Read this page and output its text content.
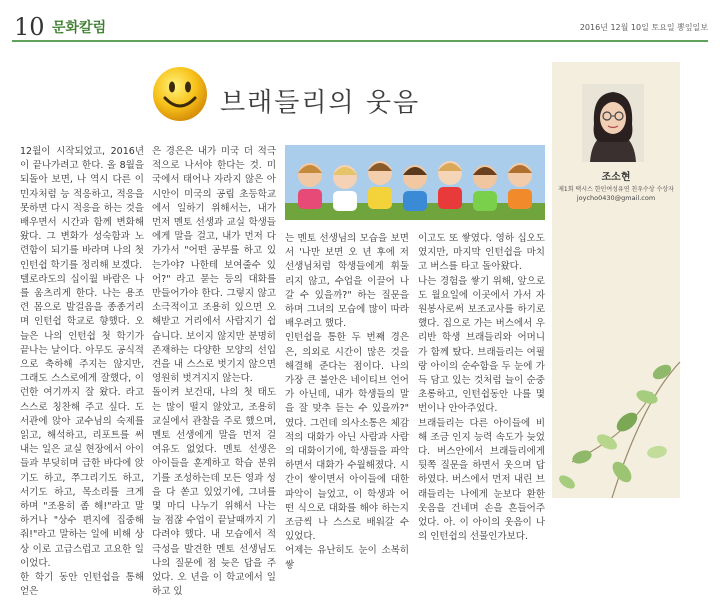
10 문화칼럼	2016년 12월 10일 토요일 뽕잎일보
브래들리의 웃음

12월이 시작되었고, 2016년이 끝나가려고 한다. 올 8월을 되돌아 보면, 나 역시 다른 이민자처럼 능 적응하고, 적응을 못하면 다시 적응을 하는 것을 배우면서 시간과 함께 변화해왔다. 그 변화가 성숙함과 노련함이 되기를 바라며 나의 첫 인턴쉽 학기를 정리해 보겠다.

텔로라도의 십이월 바람은 나를 움츠리게 한다. 나는 용조련 몸으로 발걸음을 종종거리며 인턴쉽 학교로 향했다. 오늘은 나의 인턴쉽 첫 학기가 끝나는 날이다. 아무도 공식적으로 축하해 주지는 않지만, 그래도 스스로에게 잘했다, 이런한 여기까지 잘 왔다. 라고 스스로 칭찬해 주고 싶다. 도서관에 앉아 교수님의 숙제를 읽고, 해석하고, 리포트를 써 내는 일은 교실 현장에서 아이들과 부딪히며 급한 바다에 앉기도 하고, 쭈그리기도 하고, 서기도 하고, 목소리를 크게 하며 "조용히 좀 해!"라고 말하거나 "상수 편지에 집중해줘!"라고 말하는 일에 비해 상상 이로 고급스럽고 고요한 일이었다.

한 학기 동안 인턴쉽을 통해 얻은

은 경은은 내가 미국 더 적극적으로 나서야 한다는 것. 미국에서 태어나 자라지 않은 아시안이 미국의 공립 초등학교에서 일하기 위해서는, 내가 먼저 멘토 선생과 교실 학생들에게 말을 걸고, 내가 먼저 다가가서 "어떤 공부를 하고 있는가야? 나한테 보여줄수 있어?" 라고 묻는 등의 대화를 만들어가야 한다. 그렇지 않고 소극적이고 조용히 있으면 오해받고 거리에서 사람지기 쉽습니다. 보이지 않지만 분명히 존재하는 다양한 모양의 선입견을 내 스스로 벗기지 않으면 영원히 벗겨지지 않는다.

돌이켜 보건대, 나의 첫 태도는 많이 떨지 않았고, 조용히 교실에서 관찰을 주로 했으며, 멘토 선생에게 말을 먼저 걸 여유도 없었다. 멘토 선생은 아이들을 훈계하고 학습 분위기를 조성하는데 모든 영과 성을 다 쏟고 있었기에, 그녀를 몇 마디 나누기 위해서 나는 늘 점잖 수업이 끝날때까지 기다려야 했다. 내 모습에서 적극성을 발견한 멘토 선생님도 나의 질문에 점 늦은 답을 주었다. 오 년을 이 학교에서 일하고 있

는 멘토 선생님의 모습을 보면서 '나만 보면 오 년 후에 저 선생님처럼 학생들에게 휘둘리지 않고, 수업을 이끌어 나갈 수 있을까?" 하는 질문을 하며 그녀의 모습에 많이 따라 배우려고 했다.

인턴쉽을 통한 두 번째 경은은, 의외로 시간이 많은 것을 해결해 준다는 점이다. 나의 가장 큰 불안은 네이티브 언어가 아닌데, 내가 학생들의 말을 잘 맞추 듣는 수 있을까?" 였다. 그런데 의사소통은 체감적의 대화가 아닌 사람과 사람의 대화이기에, 학생들을 파악하면서 대화가 수월해졌다. 시간이 쌓이면서 아이들에 대한 파악이 늘었고, 이 학생과 어떤 식으로 대화를 해야 하는지 조금씩 나 스스로 배워갈 수 있었다.

어제는 유난히도 눈이 소복히 쌓

이고도 또 쌓였다. 영하 십오도 였지만, 마지막 인턴쉽을 마치고 버스를 타고 돌아왔다.

나는 경험을 쌓기 위해, 앞으로도 월요일에 이곳에서 가서 자원봉사로써 보조교사를 하기로 했다. 집으로 가는 버스에서 우리반 학생 브래들리와 어머니가 함께 탔다. 브래들리는 여필랑 아이의 순수함을 두 눈에 가득 담고 있는 것처럼 늘이 순중초롱하고, 인턴쉽동안 나를 몇 번이나 안아주었다.

브래들리는 다른 아이들에 비해 조금 인지 능력 속도가 늦었다. 버스안에서 브래들리에게 뒷쪽 질문을 하면서 웃으며 답하였다. 버스에서 먼저 내린 브래들리는 나에게 눈보다 환한 웃음을 건네며 손을 흔들어주었다. 아. 이 아이의 웃음이 나의 인턴쉽의 선물인가보다.

조소현
제1회 택시스 한인여성유연 친우수상 수상자
joycho0430@gmail.com
